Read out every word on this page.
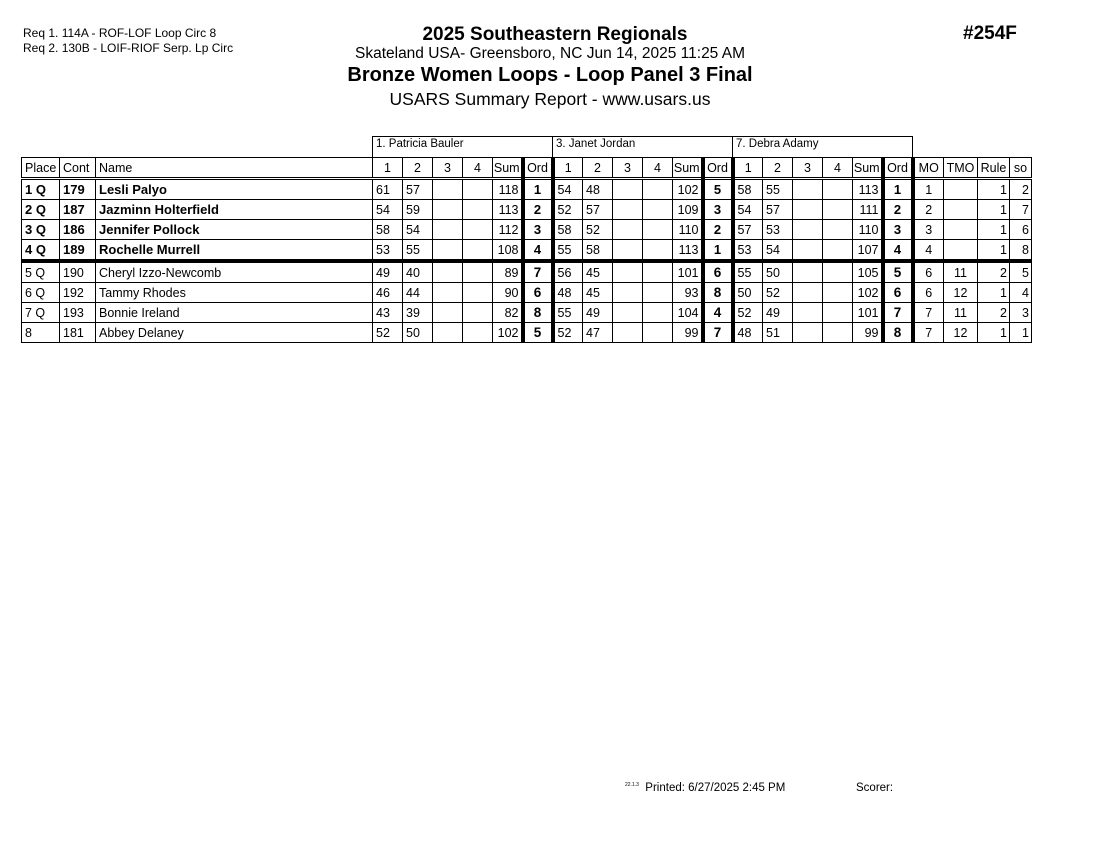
Req 1. 114A - ROF-LOF Loop Circ 8
Req 2. 130B - LOIF-RIOF Serp. Lp Circ
2025 Southeastern Regionals
Skateland USA- Greensboro, NC Jun 14, 2025 11:25 AM
Bronze Women Loops - Loop Panel 3 Final
USARS Summary Report - www.usars.us
#254F
			1. Patricia Bauler						3. Janet Jordan						7. Debra Adamy									
Place	Cont	Name	1	2	3	4	Sum	Ord	1	2	3	4	Sum	Ord	1	2	3	4	Sum	Ord	MO	TMO	Rule	so
1 Q	179	Lesli Palyo	61	57			118	1	54	48			102	5	58	55			113	1	1		1	2
2 Q	187	Jazminn Holterfield	54	59			113	2	52	57			109	3	54	57			111	2	2		1	7
3 Q	186	Jennifer Pollock	58	54			112	3	58	52			110	2	57	53			110	3	3		1	6
4 Q	189	Rochelle Murrell	53	55			108	4	55	58			113	1	53	54			107	4	4		1	8
5 Q	190	Cheryl Izzo-Newcomb	49	40			89	7	56	45			101	6	55	50			105	5	6	11	2	5
6 Q	192	Tammy Rhodes	46	44			90	6	48	45			93	8	50	52			102	6	6	12	1	4
7 Q	193	Bonnie Ireland	43	39			82	8	55	49			104	4	52	49			101	7	7	11	2	3
8	181	Abbey Delaney	52	50			102	5	52	47			99	7	48	51			99	8	7	12	1	1
$^{22.1.3}$ Printed: 6/27/2025 2:45 PM	Scorer:
